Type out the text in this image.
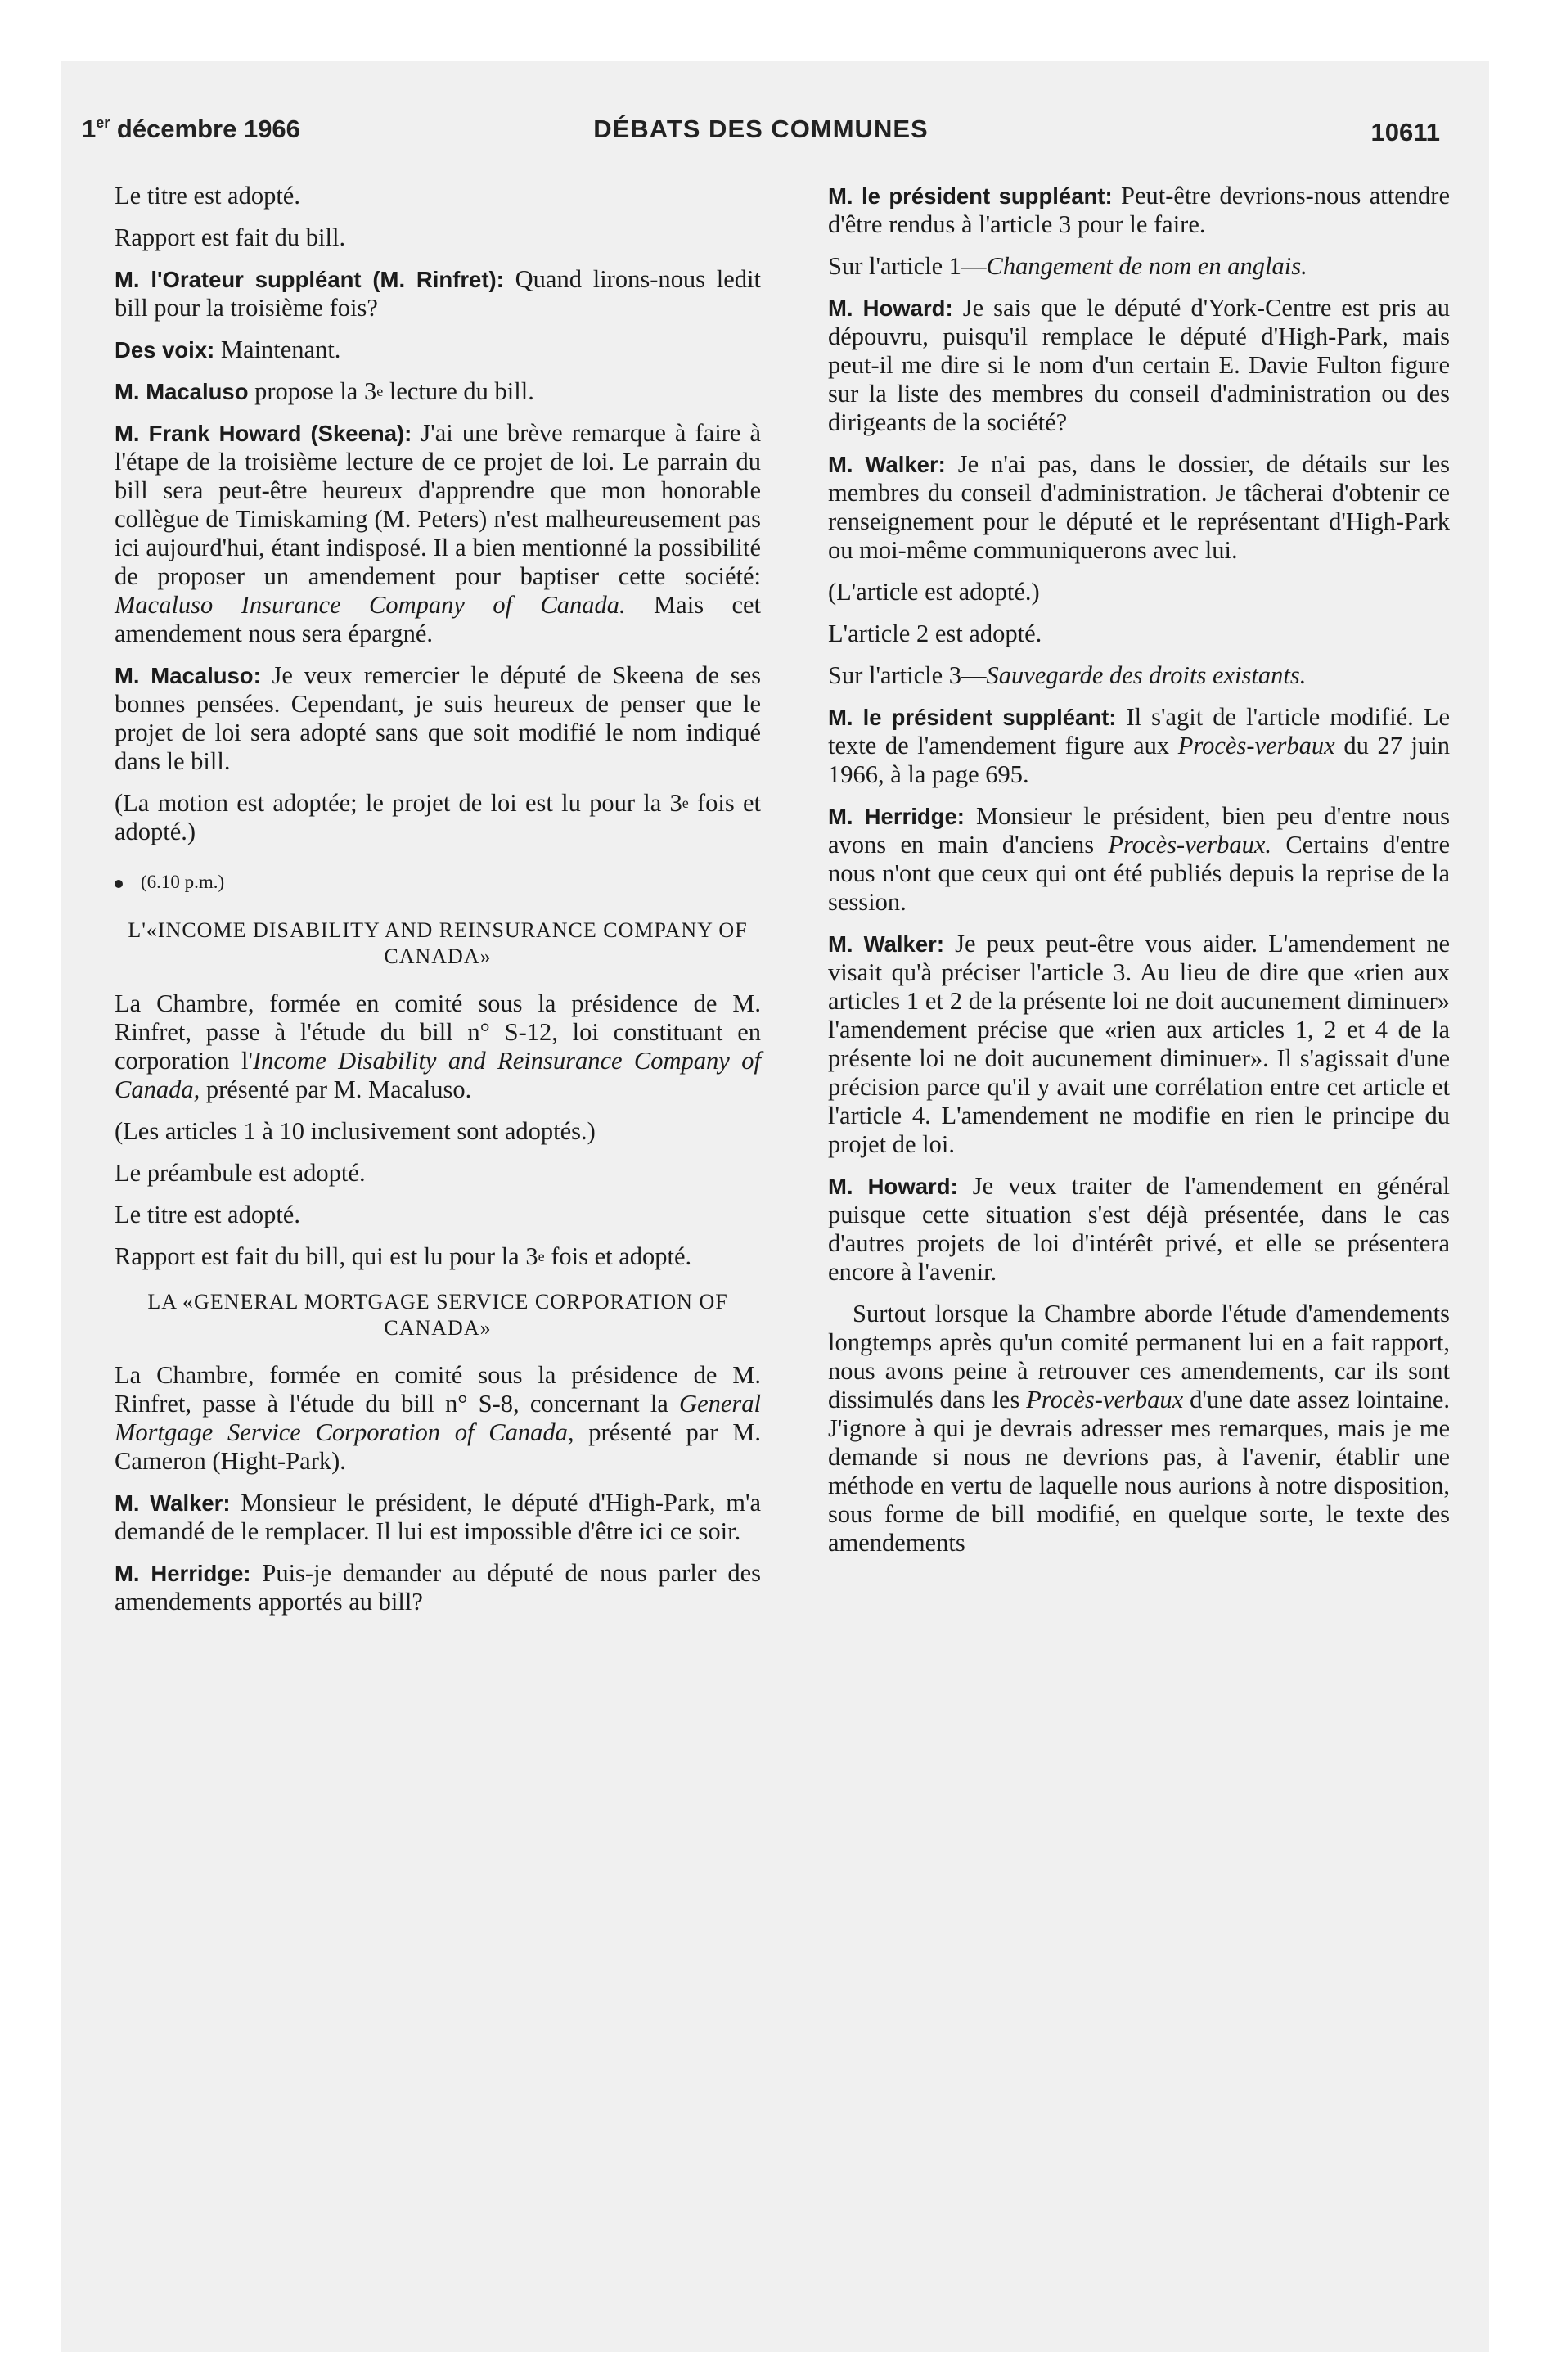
1er décembre 1966	DÉBATS DES COMMUNES	10611

Le titre est adopté.

Rapport est fait du bill.

M. l'Orateur suppléant (M. Rinfret): Quand lirons-nous ledit bill pour la troisième fois?

Des voix: Maintenant.

M. Macaluso propose la 3e lecture du bill.

M. Frank Howard (Skeena): J'ai une brève remarque à faire à l'étape de la troisième lecture de ce projet de loi. Le parrain du bill sera peut-être heureux d'apprendre que mon honorable collègue de Timiskaming (M. Peters) n'est malheureusement pas ici aujourd'hui, étant indisposé. Il a bien mentionné la possibilité de proposer un amendement pour baptiser cette société: Macaluso Insurance Company of Canada. Mais cet amendement nous sera épargné.

M. Macaluso: Je veux remercier le député de Skeena de ses bonnes pensées. Cependant, je suis heureux de penser que le projet de loi sera adopté sans que soit modifié le nom indiqué dans le bill.

(La motion est adoptée; le projet de loi est lu pour la 3e fois et adopté.)

(6.10 p.m.)
L'«INCOME DISABILITY AND REINSURANCE COMPANY OF CANADA»

La Chambre, formée en comité sous la présidence de M. Rinfret, passe à l'étude du bill n° S-12, loi constituant en corporation l'Income Disability and Reinsurance Company of Canada, présenté par M. Macaluso.

(Les articles 1 à 10 inclusivement sont adoptés.)

Le préambule est adopté.

Le titre est adopté.

Rapport est fait du bill, qui est lu pour la 3e fois et adopté.

LA «GENERAL MORTGAGE SERVICE CORPORATION OF CANADA»

La Chambre, formée en comité sous la présidence de M. Rinfret, passe à l'étude du bill n° S-8, concernant la General Mortgage Service Corporation of Canada, présenté par M. Cameron (Hight-Park).

M. Walker: Monsieur le président, le député d'High-Park, m'a demandé de le remplacer. Il lui est impossible d'être ici ce soir.

M. Herridge: Puis-je demander au député de nous parler des amendements apportés au bill?

M. le président suppléant: Peut-être devrions-nous attendre d'être rendus à l'article 3 pour le faire.

Sur l'article 1—Changement de nom en anglais.

M. Howard: Je sais que le député d'York-Centre est pris au dépouvru, puisqu'il remplace le député d'High-Park, mais peut-il me dire si le nom d'un certain E. Davie Fulton figure sur la liste des membres du conseil d'administration ou des dirigeants de la société?

M. Walker: Je n'ai pas, dans le dossier, de détails sur les membres du conseil d'administration. Je tâcherai d'obtenir ce renseignement pour le député et le représentant d'High-Park ou moi-même communiquerons avec lui.

(L'article est adopté.)

L'article 2 est adopté.

Sur l'article 3—Sauvegarde des droits existants.

M. le président suppléant: Il s'agit de l'article modifié. Le texte de l'amendement figure aux Procès-verbaux du 27 juin 1966, à la page 695.

M. Herridge: Monsieur le président, bien peu d'entre nous avons en main d'anciens Procès-verbaux. Certains d'entre nous n'ont que ceux qui ont été publiés depuis la reprise de la session.

M. Walker: Je peux peut-être vous aider. L'amendement ne visait qu'à préciser l'article 3. Au lieu de dire que «rien aux articles 1 et 2 de la présente loi ne doit aucunement diminuer» l'amendement précise que «rien aux articles 1, 2 et 4 de la présente loi ne doit aucunement diminuer». Il s'agissait d'une précision parce qu'il y avait une corrélation entre cet article et l'article 4. L'amendement ne modifie en rien le principe du projet de loi.

M. Howard: Je veux traiter de l'amendement en général puisque cette situation s'est déjà présentée, dans le cas d'autres projets de loi d'intérêt privé, et elle se présentera encore à l'avenir.

Surtout lorsque la Chambre aborde l'étude d'amendements longtemps après qu'un comité permanent lui en a fait rapport, nous avons peine à retrouver ces amendements, car ils sont dissimulés dans les Procès-verbaux d'une date assez lointaine. J'ignore à qui je devrais adresser mes remarques, mais je me demande si nous ne devrions pas, à l'avenir, établir une méthode en vertu de laquelle nous aurions à notre disposition, sous forme de bill modifié, en quelque sorte, le texte des amendements
